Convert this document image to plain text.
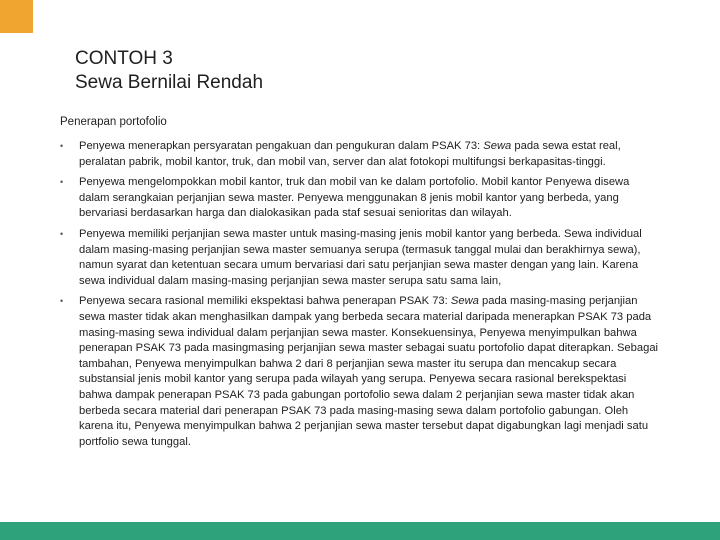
CONTOH 3
Sewa Bernilai Rendah
Penerapan portofolio
• Penyewa menerapkan persyaratan pengakuan dan pengukuran dalam PSAK 73: Sewa pada sewa estat real, peralatan pabrik, mobil kantor, truk, dan mobil van, server dan alat fotokopi multifungsi berkapasitas-tinggi.
• Penyewa mengelompokkan mobil kantor, truk dan mobil van ke dalam portofolio. Mobil kantor Penyewa disewa dalam serangkaian perjanjian sewa master. Penyewa menggunakan 8 jenis mobil kantor yang berbeda, yang bervariasi berdasarkan harga dan dialokasikan pada staf sesuai senioritas dan wilayah.
• Penyewa memiliki perjanjian sewa master untuk masing-masing jenis mobil kantor yang berbeda. Sewa individual dalam masing-masing perjanjian sewa master semuanya serupa (termasuk tanggal mulai dan berakhirnya sewa), namun syarat dan ketentuan secara umum bervariasi dari satu perjanjian sewa master dengan yang lain. Karena sewa individual dalam masing-masing perjanjian sewa master serupa satu sama lain,
• Penyewa secara rasional memiliki ekspektasi bahwa penerapan PSAK 73: Sewa pada masing-masing perjanjian sewa master tidak akan menghasilkan dampak yang berbeda secara material daripada menerapkan PSAK 73 pada masing-masing sewa individual dalam perjanjian sewa master. Konsekuensinya, Penyewa menyimpulkan bahwa penerapan PSAK 73 pada masingmasing perjanjian sewa master sebagai suatu portofolio dapat diterapkan. Sebagai tambahan, Penyewa menyimpulkan bahwa 2 dari 8 perjanjian sewa master itu serupa dan mencakup secara substansial jenis mobil kantor yang serupa pada wilayah yang serupa. Penyewa secara rasional berekspektasi bahwa dampak penerapan PSAK 73 pada gabungan portofolio sewa dalam 2 perjanjian sewa master tidak akan berbeda secara material dari penerapan PSAK 73 pada masing-masing sewa dalam portofolio gabungan. Oleh karena itu, Penyewa menyimpulkan bahwa 2 perjanjian sewa master tersebut dapat digabungkan lagi menjadi satu portfolio sewa tunggal.
